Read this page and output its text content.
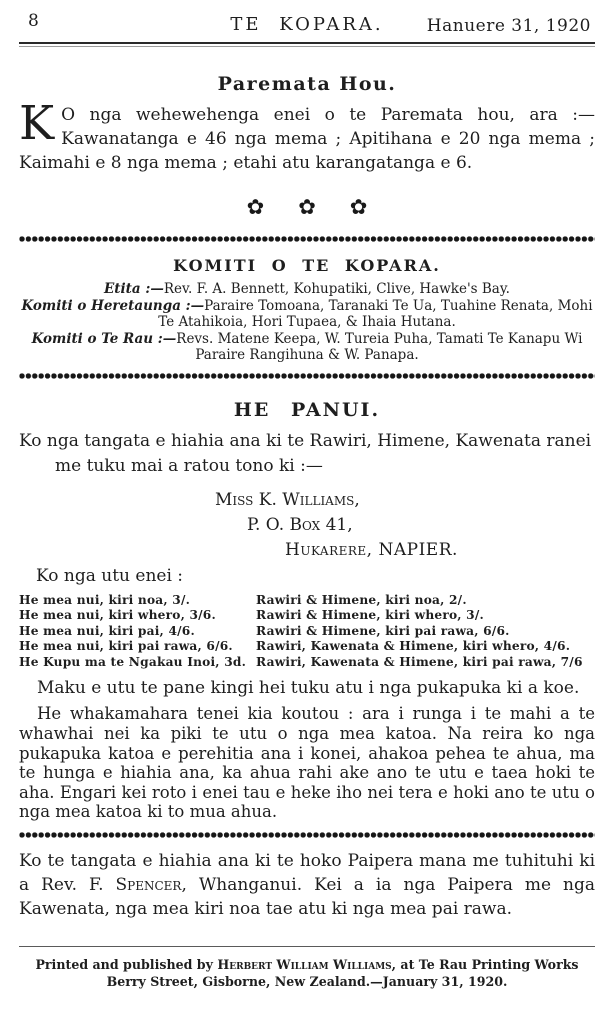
8	TE KOPARA.	Hanuere 31, 1920
Paremata Hou.

K O nga wehewehenga enei o te Paremata hou, ara :— Kawanatanga e 46 nga mema ; Apitihana e 20 nga mema ; Kaimahi e 8 nga mema ; etahi atu karangatanga e 6.

✿✿✿
KOMITI O TE KOPARA.

Etita :—Rev. F. A. Bennett, Kohupatiki, Clive, Hawke's Bay.

Komiti o Heretaunga :—Paraire Tomoana, Taranaki Te Ua, Tuahine Renata, Mohi Te Atahikoia, Hori Tupaea, & Ihaia Hutana.

Komiti o Te Rau :—Revs. Matene Keepa, W. Tureia Puha, Tamati Te Kanapu Wi Paraire Rangihuna & W. Panapa.

HE PANUI.

Ko nga tangata e hiahia ana ki te Rawiri, Himene, Kawenata ranei me tuku mai a ratou tono ki :—

Miss K. Williams,
P. O. Box 41,
Hukarere, NAPIER.

Ko nga utu enei :

He mea nui, kiri noa, 3/.
He mea nui, kiri whero, 3/6.
He mea nui, kiri pai, 4/6.
He mea nui, kiri pai rawa, 6/6.
He Kupu ma te Ngakau Inoi, 3d.
Rawiri & Himene, kiri noa, 2/.
Rawiri & Himene, kiri whero, 3/.
Rawiri & Himene, kiri pai rawa, 6/6.
Rawiri, Kawenata & Himene, kiri whero, 4/6.
Rawiri, Kawenata & Himene, kiri pai rawa, 7/6

Maku e utu te pane kingi hei tuku atu i nga pukapuka ki a koe.

He whakamahara tenei kia koutou : ara i runga i te mahi a te whawhai nei ka piki te utu o nga mea katoa. Na reira ko nga pukapuka katoa e perehitia ana i konei, ahakoa pehea te ahua, ma te hunga e hiahia ana, ka ahua rahi ake ano te utu e taea hoki te aha. Engari kei roto i enei tau e heke iho nei tera e hoki ano te utu o nga mea katoa ki to mua ahua.

Ko te tangata e hiahia ana ki te hoko Paipera mana me tuhituhi ki a Rev. F. Spencer, Whanganui. Kei a ia nga Paipera me nga Kawenata, nga mea kiri noa tae atu ki nga mea pai rawa.

Printed and published by Herbert William Williams, at Te Rau Printing Works Berry Street, Gisborne, New Zealand.—January 31, 1920.
